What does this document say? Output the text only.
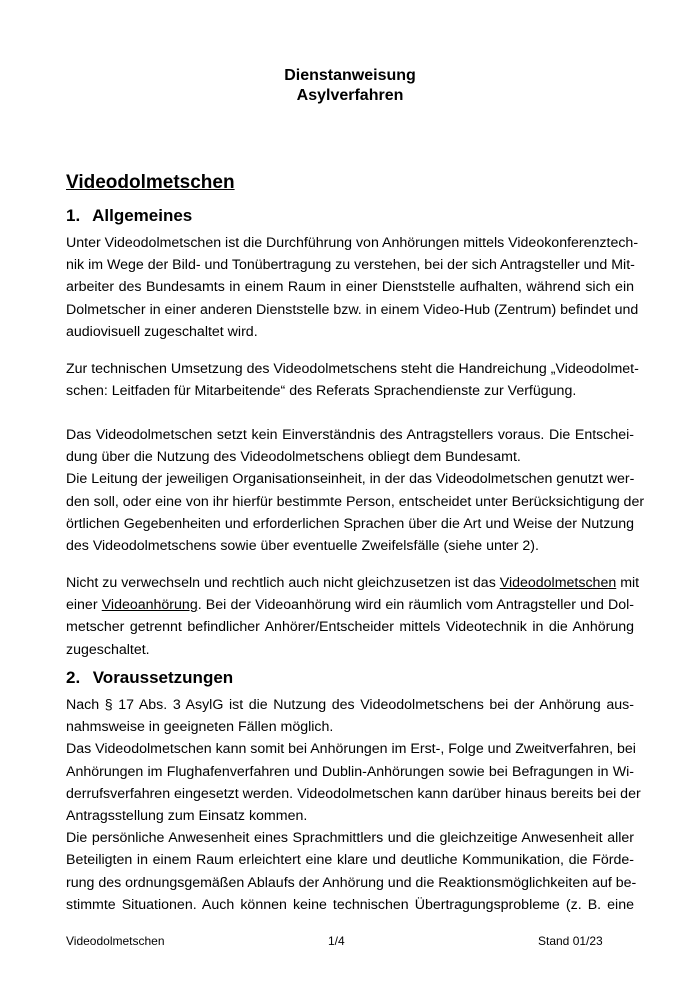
Dienstanweisung
Asylverfahren
Videodolmetschen
1. Allgemeines
Unter Videodolmetschen ist die Durchführung von Anhörungen mittels Videokonferenztech-
nik im Wege der Bild- und Tonübertragung zu verstehen, bei der sich Antragsteller und Mit-
arbeiter des Bundesamts in einem Raum in einer Dienststelle aufhalten, während sich ein
Dolmetscher in einer anderen Dienststelle bzw. in einem Video-Hub (Zentrum) befindet und
audiovisuell zugeschaltet wird.
Zur technischen Umsetzung des Videodolmetschens steht die Handreichung „Videodolmet-
schen: Leitfaden für Mitarbeitende“ des Referats Sprachendienste zur Verfügung.
Das Videodolmetschen setzt kein Einverständnis des Antragstellers voraus. Die Entschei-
dung über die Nutzung des Videodolmetschens obliegt dem Bundesamt.
Die Leitung der jeweiligen Organisationseinheit, in der das Videodolmetschen genutzt wer-
den soll, oder eine von ihr hierfür bestimmte Person, entscheidet unter Berücksichtigung der
örtlichen Gegebenheiten und erforderlichen Sprachen über die Art und Weise der Nutzung
des Videodolmetschens sowie über eventuelle Zweifelsfälle (siehe unter 2).
Nicht zu verwechseln und rechtlich auch nicht gleichzusetzen ist das Videodolmetschen mit
einer Videoanhörung. Bei der Videoanhörung wird ein räumlich vom Antragsteller und Dol-
metscher getrennt befindlicher Anhörer/Entscheider mittels Videotechnik in die Anhörung
zugeschaltet.
2. Voraussetzungen
Nach § 17 Abs. 3 AsylG ist die Nutzung des Videodolmetschens bei der Anhörung aus-
nahmsweise in geeigneten Fällen möglich.
Das Videodolmetschen kann somit bei Anhörungen im Erst-, Folge und Zweitverfahren, bei
Anhörungen im Flughafenverfahren und Dublin-Anhörungen sowie bei Befragungen in Wi-
derrufsverfahren eingesetzt werden. Videodolmetschen kann darüber hinaus bereits bei der
Antragsstellung zum Einsatz kommen.
Die persönliche Anwesenheit eines Sprachmittlers und die gleichzeitige Anwesenheit aller
Beteiligten in einem Raum erleichtert eine klare und deutliche Kommunikation, die Förde-
rung des ordnungsgemäßen Ablaufs der Anhörung und die Reaktionsmöglichkeiten auf be-
stimmte Situationen. Auch können keine technischen Übertragungsprobleme (z. B. eine
Videodolmetschen	1/4	Stand 01/23
